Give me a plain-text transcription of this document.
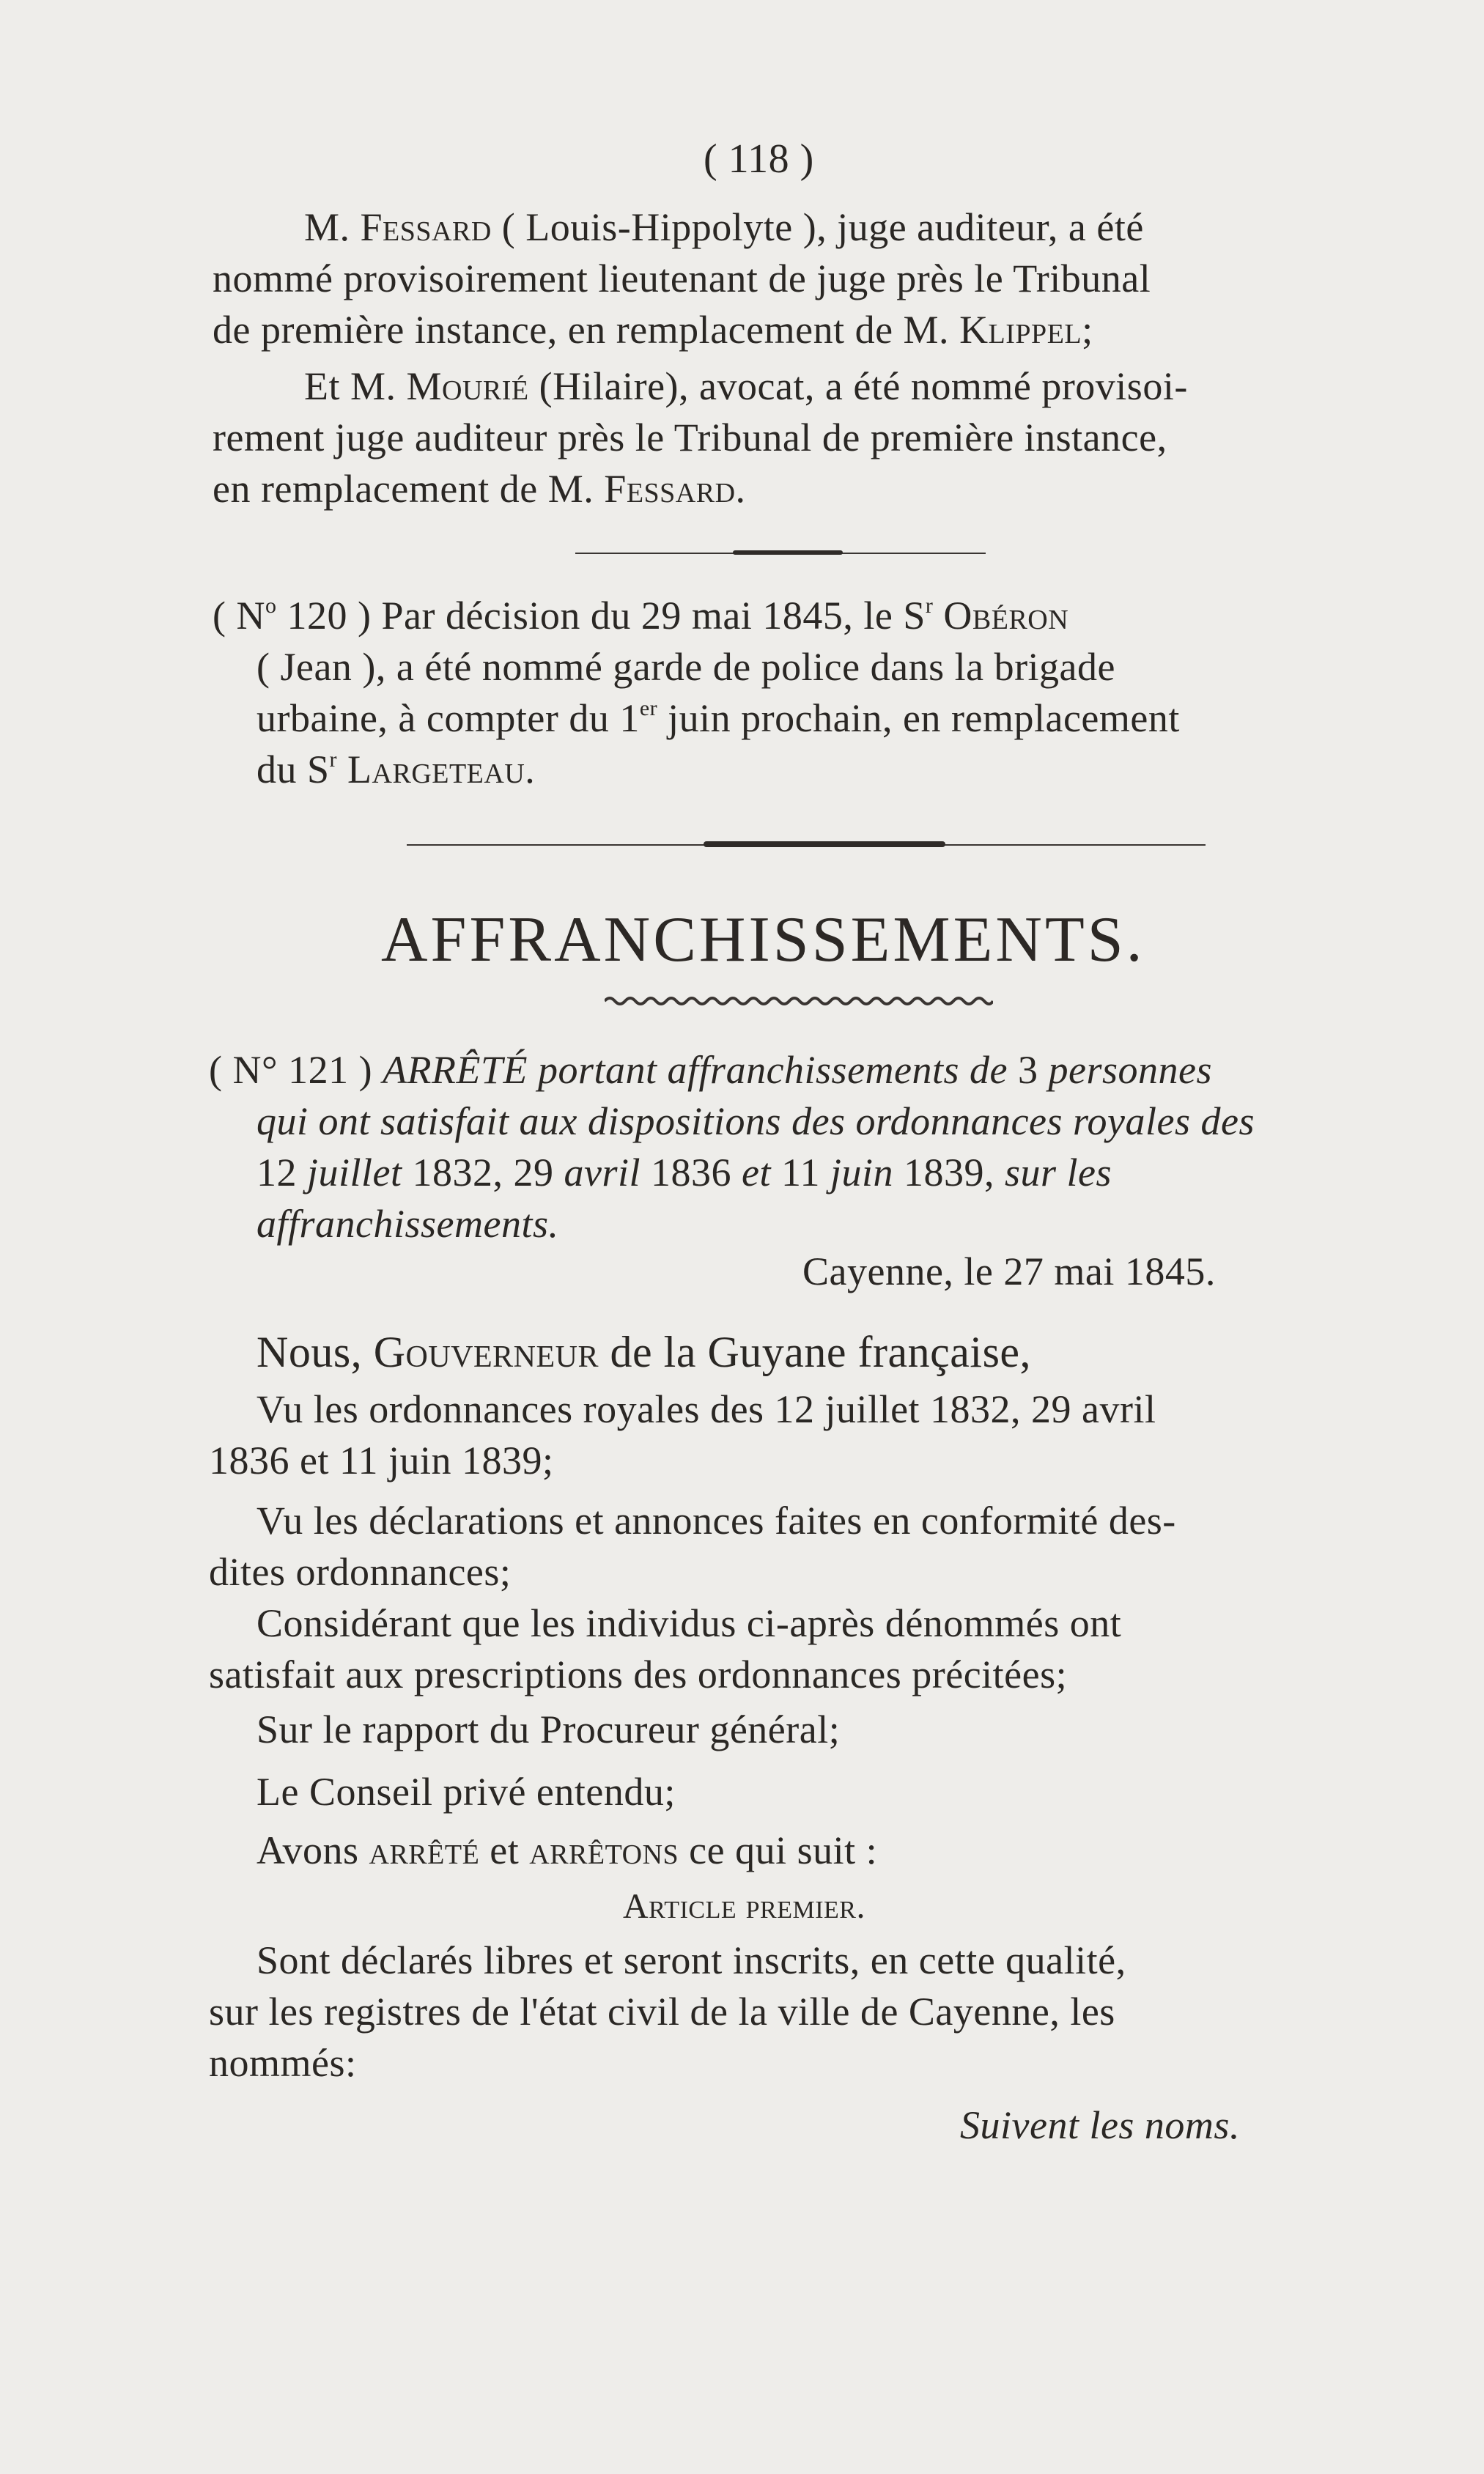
( 118 )
M. Fessard ( Louis-Hippolyte ), juge auditeur, a été
nommé provisoirement lieutenant de juge près le Tribunal
de première instance, en remplacement de M. Klippel;
Et M. Mourié (Hilaire), avocat, a été nommé provisoi-
rement juge auditeur près le Tribunal de première instance,
en remplacement de M. Fessard.
( $N^o$ 120 ) Par décision du 29 mai 1845, le $S^r$ Obéron
( Jean ), a été nommé garde de police dans la brigade
urbaine, à compter du 1er juin prochain, en remplacement
du $S^r$ Largeteau.
AFFRANCHISSEMENTS.
( N° 121 ) ARRÊTÉ portant affranchissements de 3 personnes
qui ont satisfait aux dispositions des ordonnances royales des
12 juillet 1832, 29 avril 1836 et 11 juin 1839, sur les
affranchissements.
Cayenne, le 27 mai 1845.
Nous, Gouverneur de la Guyane française,
Vu les ordonnances royales des 12 juillet 1832, 29 avril
1836 et 11 juin 1839;
Vu les déclarations et annonces faites en conformité des-
dites ordonnances;
Considérant que les individus ci-après dénommés ont
satisfait aux prescriptions des ordonnances précitées;
Sur le rapport du Procureur général;
Le Conseil privé entendu;
Avons arrêté et arrêtons ce qui suit :
Article premier.
Sont déclarés libres et seront inscrits, en cette qualité,
sur les registres de l'état civil de la ville de Cayenne, les
nommés:
Suivent les noms.
